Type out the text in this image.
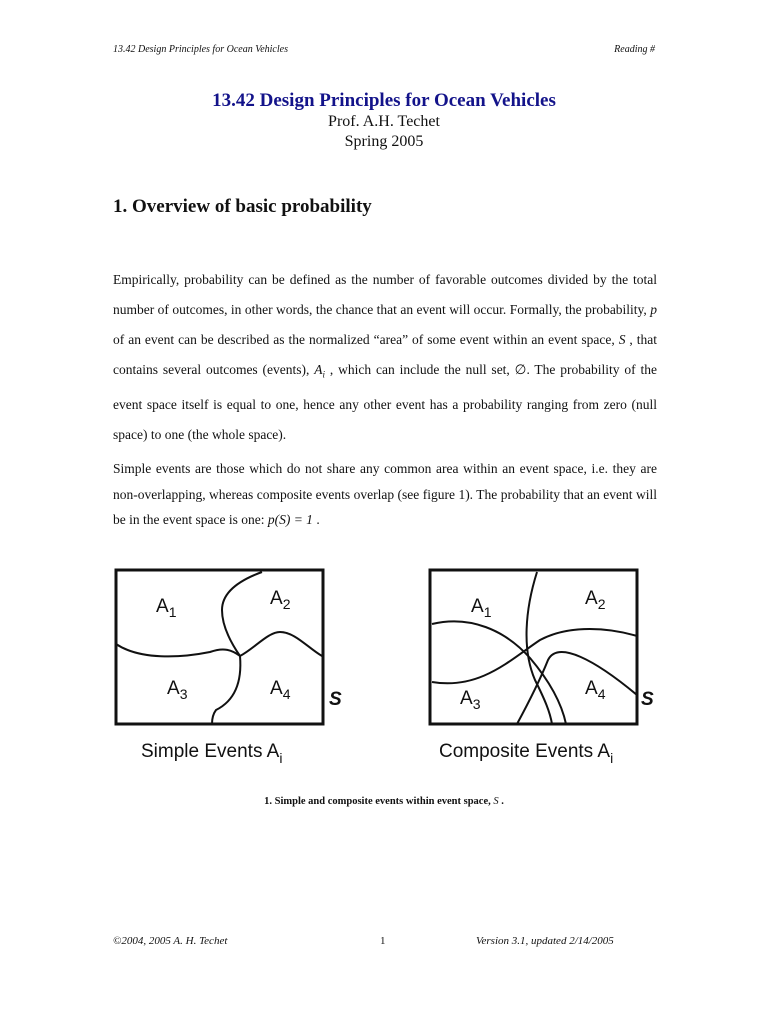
13.42 Design Principles for Ocean Vehicles	Reading #
13.42 Design Principles for Ocean Vehicles
Prof. A.H. Techet
Spring 2005
1. Overview of basic probability
Empirically, probability can be defined as the number of favorable outcomes divided by the total number of outcomes, in other words, the chance that an event will occur. Formally, the probability, p of an event can be described as the normalized “area” of some event within an event space, S , that contains several outcomes (events), $A_i$ , which can include the null set, ∅. The probability of the event space itself is equal to one, hence any other event has a probability ranging from zero (null space) to one (the whole space).
Simple events are those which do not share any common area within an event space, i.e. they are non-overlapping, whereas composite events overlap (see figure 1). The probability that an event will be in the event space is one: p(S) = 1 .
$A_1$
$A_2$
$A_3$	$A_4$ S
Simple Events $A_i$
$A_1$
$A_2$
$A_3$
$A_4$ S
Composite Events $A_i$
1. Simple and composite events within event space, S .
©2004, 2005 A. H. Techet	1	Version 3.1, updated 2/14/2005
